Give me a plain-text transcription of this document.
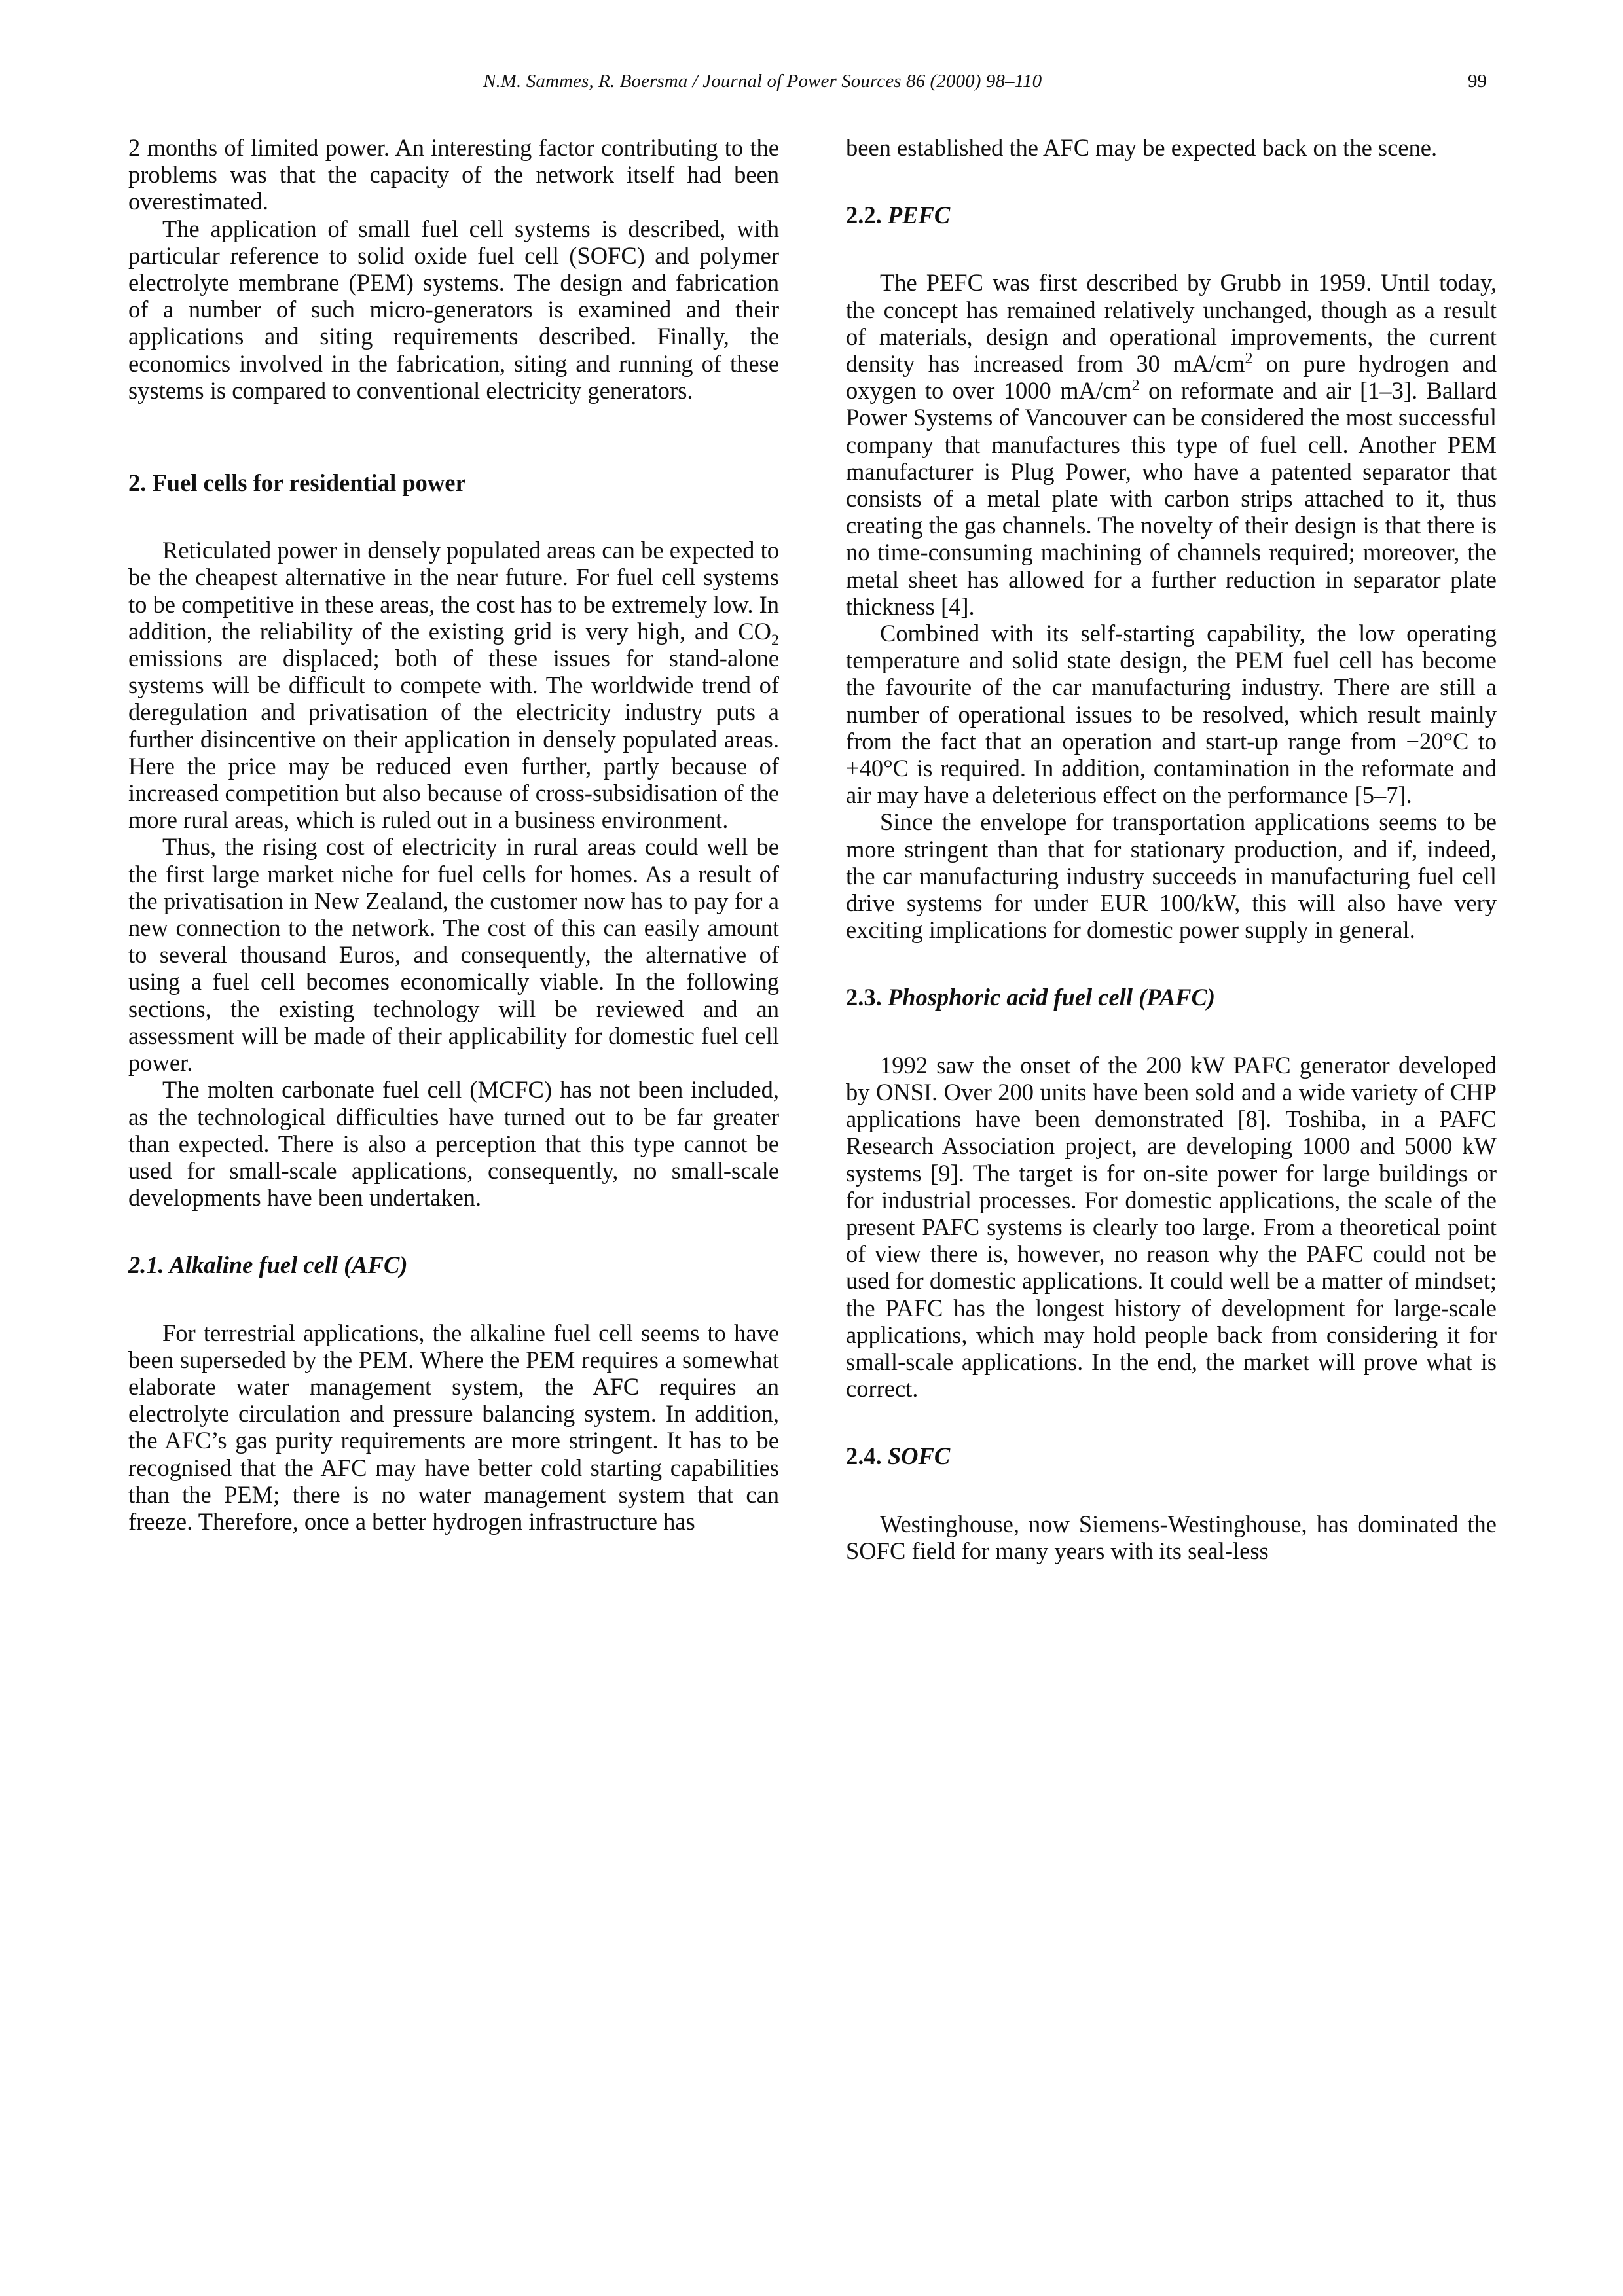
N.M. Sammes, R. Boersma / Journal of Power Sources 86 (2000) 98–110	99

2 months of limited power. An interesting factor contributing to the problems was that the capacity of the network itself had been overestimated.

The application of small fuel cell systems is described, with particular reference to solid oxide fuel cell (SOFC) and polymer electrolyte membrane (PEM) systems. The design and fabrication of a number of such micro-generators is examined and their applications and siting requirements described. Finally, the economics involved in the fabrication, siting and running of these systems is compared to conventional electricity generators.

2. Fuel cells for residential power

Reticulated power in densely populated areas can be expected to be the cheapest alternative in the near future. For fuel cell systems to be competitive in these areas, the cost has to be extremely low. In addition, the reliability of the existing grid is very high, and $CO_2$ emissions are displaced; both of these issues for stand-alone systems will be difficult to compete with. The worldwide trend of deregulation and privatisation of the electricity industry puts a further disincentive on their application in densely populated areas. Here the price may be reduced even further, partly because of increased competition but also because of cross-subsidisation of the more rural areas, which is ruled out in a business environment.

Thus, the rising cost of electricity in rural areas could well be the first large market niche for fuel cells for homes. As a result of the privatisation in New Zealand, the customer now has to pay for a new connection to the network. The cost of this can easily amount to several thousand Euros, and consequently, the alternative of using a fuel cell becomes economically viable. In the following sections, the existing technology will be reviewed and an assessment will be made of their applicability for domestic fuel cell power.

The molten carbonate fuel cell (MCFC) has not been included, as the technological difficulties have turned out to be far greater than expected. There is also a perception that this type cannot be used for small-scale applications, consequently, no small-scale developments have been undertaken.

2.1. Alkaline fuel cell (AFC)

For terrestrial applications, the alkaline fuel cell seems to have been superseded by the PEM. Where the PEM requires a somewhat elaborate water management system, the AFC requires an electrolyte circulation and pressure balancing system. In addition, the AFC’s gas purity requirements are more stringent. It has to be recognised that the AFC may have better cold starting capabilities than the PEM; there is no water management system that can freeze. Therefore, once a better hydrogen infrastructure has

been established the AFC may be expected back on the scene.

2.2. PEFC

The PEFC was first described by Grubb in 1959. Until today, the concept has remained relatively unchanged, though as a result of materials, design and operational improvements, the current density has increased from 30 $mA/cm^2$ on pure hydrogen and oxygen to over 1000 $mA/cm^2$ on reformate and air [1–3]. Ballard Power Systems of Vancouver can be considered the most successful company that manufactures this type of fuel cell. Another PEM manufacturer is Plug Power, who have a patented separator that consists of a metal plate with carbon strips attached to it, thus creating the gas channels. The novelty of their design is that there is no time-consuming machining of channels required; moreover, the metal sheet has allowed for a further reduction in separator plate thickness [4].

Combined with its self-starting capability, the low operating temperature and solid state design, the PEM fuel cell has become the favourite of the car manufacturing industry. There are still a number of operational issues to be resolved, which result mainly from the fact that an operation and start-up range from −20°C to +40°C is required. In addition, contamination in the reformate and air may have a deleterious effect on the performance [5–7].

Since the envelope for transportation applications seems to be more stringent than that for stationary production, and if, indeed, the car manufacturing industry succeeds in manufacturing fuel cell drive systems for under EUR 100/kW, this will also have very exciting implications for domestic power supply in general.

2.3. Phosphoric acid fuel cell (PAFC)

1992 saw the onset of the 200 kW PAFC generator developed by ONSI. Over 200 units have been sold and a wide variety of CHP applications have been demonstrated [8]. Toshiba, in a PAFC Research Association project, are developing 1000 and 5000 kW systems [9]. The target is for on-site power for large buildings or for industrial processes. For domestic applications, the scale of the present PAFC systems is clearly too large. From a theoretical point of view there is, however, no reason why the PAFC could not be used for domestic applications. It could well be a matter of mindset; the PAFC has the longest history of development for large-scale applications, which may hold people back from considering it for small-scale applications. In the end, the market will prove what is correct.

2.4. SOFC

Westinghouse, now Siemens-Westinghouse, has dominated the SOFC field for many years with its seal-less
